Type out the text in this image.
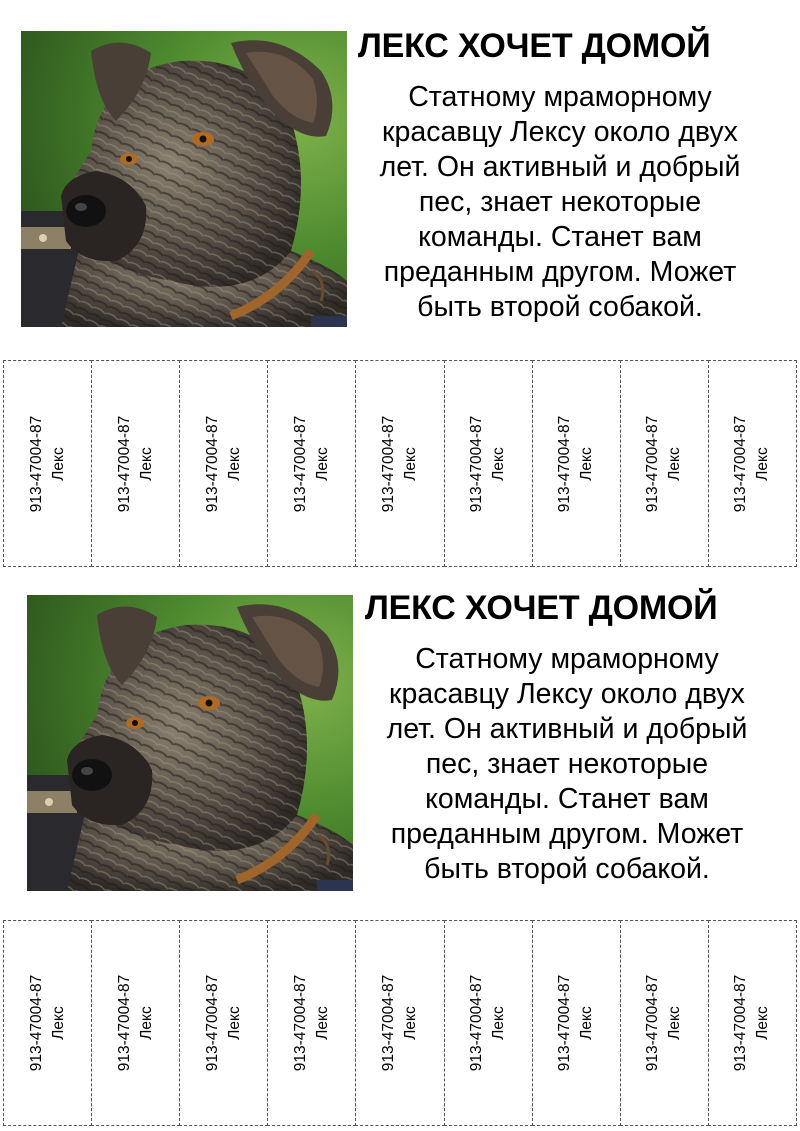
ЛЕКС ХОЧЕТ ДОМОЙ
Статному мраморному
красавцу Лексу около двух
лет. Он активный и добрый
пес, знает некоторые
команды. Станет вам
преданным другом. Может
быть второй собакой.
913-47004-87 Лекс	913-47004-87 Лекс	913-47004-87 Лекс	913-47004-87 Лекс	913-47004-87 Лекс	913-47004-87 Лекс	913-47004-87 Лекс	913-47004-87 Лекс	913-47004-87 Лекс
ЛЕКС ХОЧЕТ ДОМОЙ
Статному мраморному
красавцу Лексу около двух
лет. Он активный и добрый
пес, знает некоторые
команды. Станет вам
преданным другом. Может
быть второй собакой.
913-47004-87 Лекс	913-47004-87 Лекс	913-47004-87 Лекс	913-47004-87 Лекс	913-47004-87 Лекс	913-47004-87 Лекс	913-47004-87 Лекс	913-47004-87 Лекс	913-47004-87 Лекс
